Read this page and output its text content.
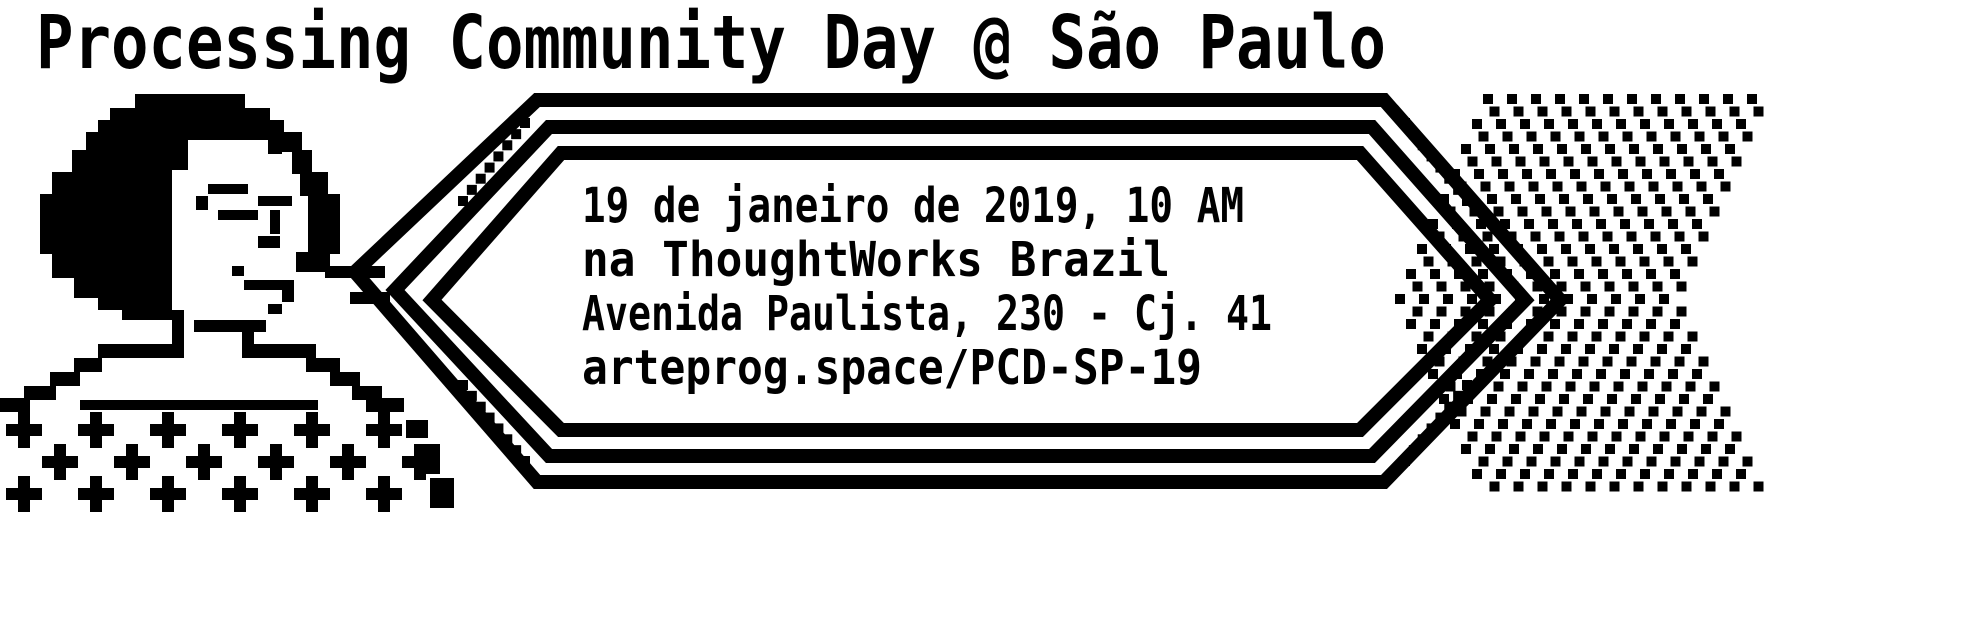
Processing Community Day @ São Paulo
19 de janeiro de 2019, 10 AM
na ThoughtWorks Brazil
Avenida Paulista, 230 - Cj. 41
arteprog.space/PCD-SP-19
